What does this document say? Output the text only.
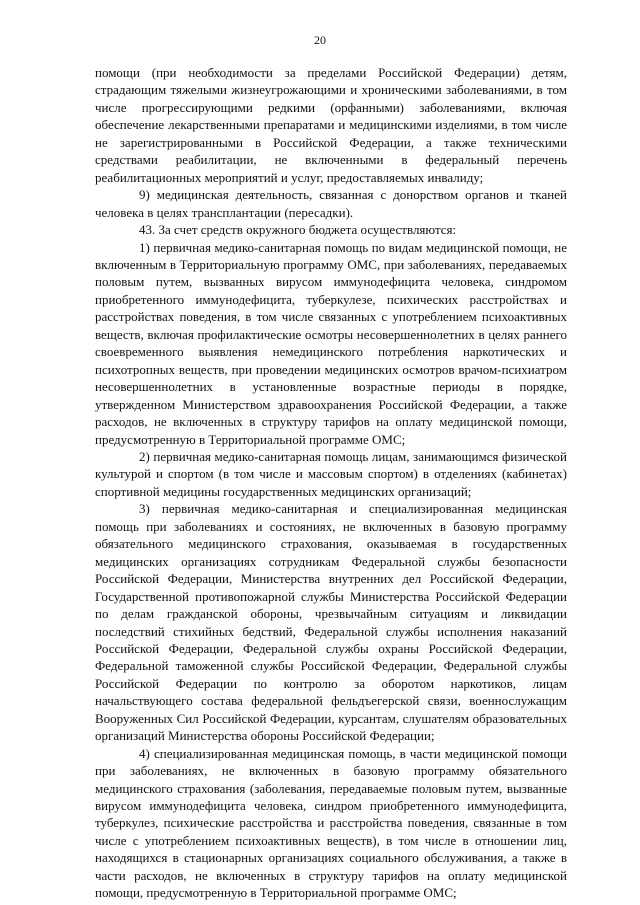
20

помощи (при необходимости за пределами Российской Федерации) детям, страдающим тяжелыми жизнеугрожающими и хроническими заболеваниями, в том числе прогрессирующими редкими (орфанными) заболеваниями, включая обеспечение лекарственными препаратами и медицинскими изделиями, в том числе не зарегистрированными в Российской Федерации, а также техническими средствами реабилитации, не включенными в федеральный перечень реабилитационных мероприятий и услуг, предоставляемых инвалиду;

9) медицинская деятельность, связанная с донорством органов и тканей человека в целях трансплантации (пересадки).

43. За счет средств окружного бюджета осуществляются:

1) первичная медико-санитарная помощь по видам медицинской помощи, не включенным в Территориальную программу ОМС, при заболеваниях, передаваемых половым путем, вызванных вирусом иммунодефицита человека, синдромом приобретенного иммунодефицита, туберкулезе, психических расстройствах и расстройствах поведения, в том числе связанных с употреблением психоактивных веществ, включая профилактические осмотры несовершеннолетних в целях раннего своевременного выявления немедицинского потребления наркотических и психотропных веществ, при проведении медицинских осмотров врачом-психиатром несовершеннолетних в установленные возрастные периоды в порядке, утвержденном Министерством здравоохранения Российской Федерации, а также расходов, не включенных в структуру тарифов на оплату медицинской помощи, предусмотренную в Территориальной программе ОМС;

2) первичная медико-санитарная помощь лицам, занимающимся физической культурой и спортом (в том числе и массовым спортом) в отделениях (кабинетах) спортивной медицины государственных медицинских организаций;

3) первичная медико-санитарная и специализированная медицинская помощь при заболеваниях и состояниях, не включенных в базовую программу обязательного медицинского страхования, оказываемая в государственных медицинских организациях сотрудникам Федеральной службы безопасности Российской Федерации, Министерства внутренних дел Российской Федерации, Государственной противопожарной службы Министерства Российской Федерации по делам гражданской обороны, чрезвычайным ситуациям и ликвидации последствий стихийных бедствий, Федеральной службы исполнения наказаний Российской Федерации, Федеральной службы охраны Российской Федерации, Федеральной таможенной службы Российской Федерации, Федеральной службы Российской Федерации по контролю за оборотом наркотиков, лицам начальствующего состава федеральной фельдъегерской связи, военнослужащим Вооруженных Сил Российской Федерации, курсантам, слушателям образовательных организаций Министерства обороны Российской Федерации;

4) специализированная медицинская помощь, в части медицинской помощи при заболеваниях, не включенных в базовую программу обязательного медицинского страхования (заболевания, передаваемые половым путем, вызванные вирусом иммунодефицита человека, синдром приобретенного иммунодефицита, туберкулез, психические расстройства и расстройства поведения, связанные в том числе с употреблением психоактивных веществ), в том числе в отношении лиц, находящихся в стационарных организациях социального обслуживания, а также в части расходов, не включенных в структуру тарифов на оплату медицинской помощи, предусмотренную в Территориальной программе ОМС;
